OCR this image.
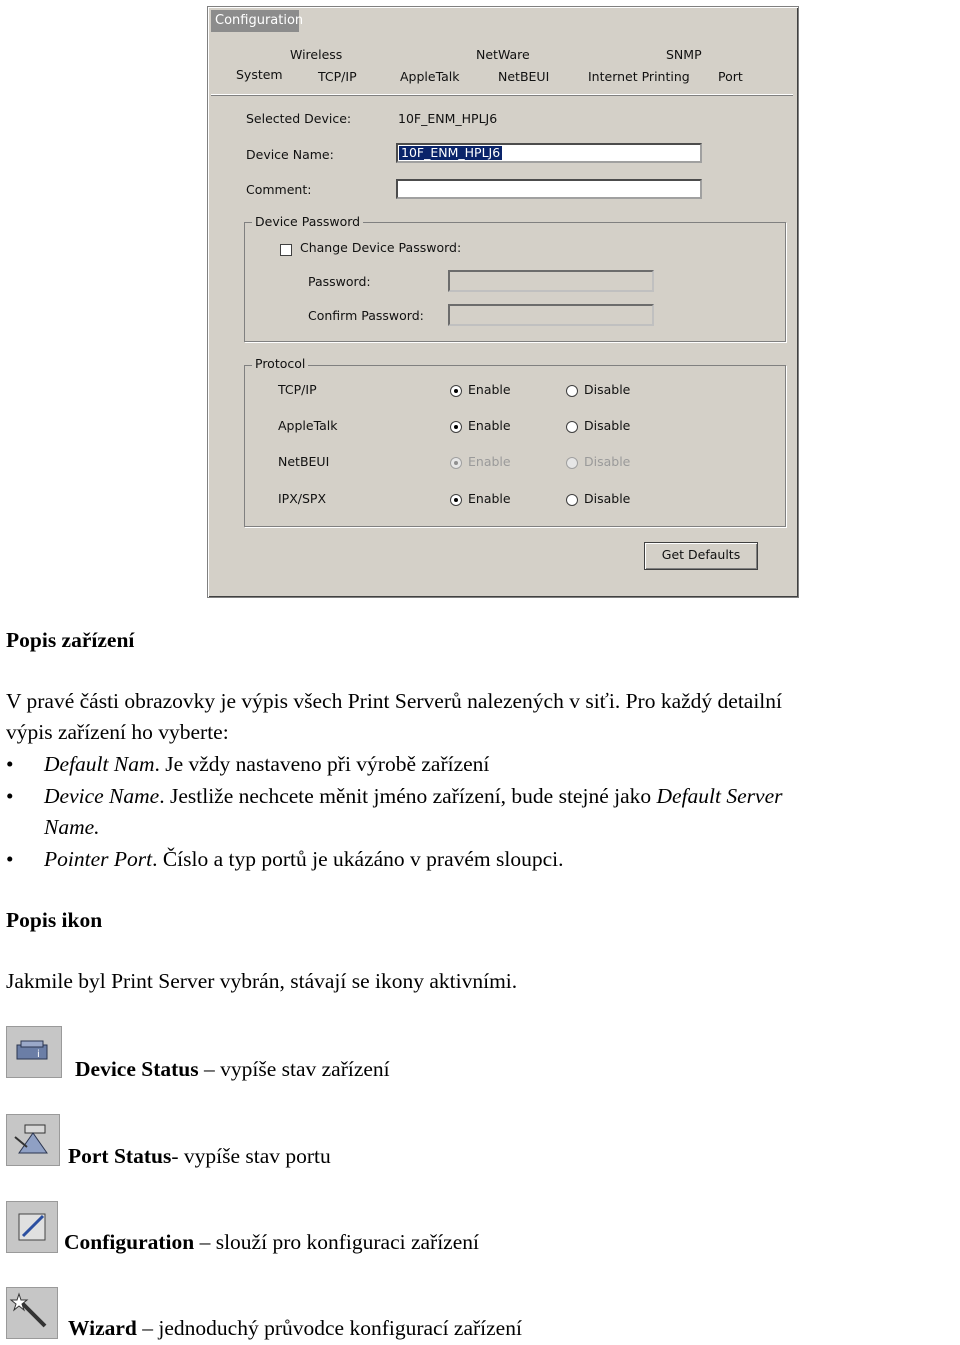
Configuration
Wireless	NetWare	SNMP
System	TCP/IP	AppleTalk	NetBEUI	Internet Printing Port
Selected Device:	10F_ENM_HPLJ6
Device Name:	10F_ENM_HPLJ6
Comment:
Device Password
Change Device Password:
Password:
Confirm Password:
Protocol
TCP/IP	Enable	Disable
AppleTalk	Enable	Disable
NetBEUI	Enable	Disable
IPX/SPX	Enable	Disable
Get Defaults
Popis zařízení
V pravé části obrazovky je výpis všech Print Serverů nalezených v siťi. Pro každý detailní
výpis zařízení ho vyberte:
• Default Nam. Je vždy nastaveno při výrobě zařízení
• Device Name. Jestliže nechcete měnit jméno zařízení, bude stejné jako Default Server
Name.
• Pointer Port. Číslo a typ portů je ukázáno v pravém sloupci.
Popis ikon
Jakmile byl Print Server vybrán, stávají se ikony aktivními.
i
Device Status – vypíše stav zařízení
Port Status- vypíše stav portu
Configuration – slouží pro konfiguraci zařízení
Wizard – jednoduchý průvodce konfigurací zařízení
